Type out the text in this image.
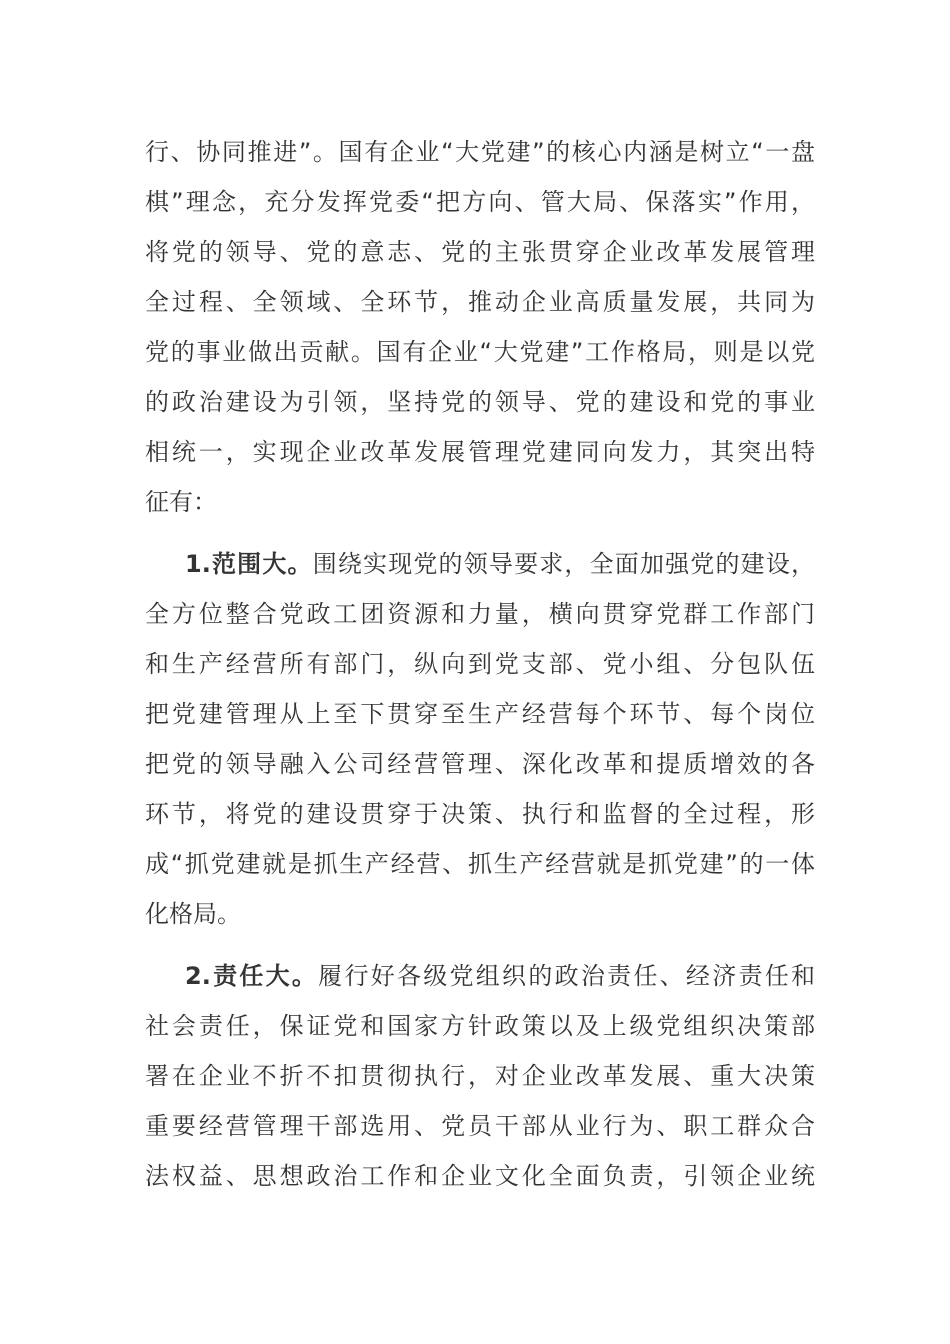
行、协同推进”。国有企业“大党建”的核心内涵是树立“一盘
棋”理念，充分发挥党委“把方向、管大局、保落实”作用，
将党的领导、党的意志、党的主张贯穿企业改革发展管理
全过程、全领域、全环节，推动企业高质量发展，共同为
党的事业做出贡献。国有企业“大党建”工作格局，则是以党
的政治建设为引领，坚持党的领导、党的建设和党的事业
相统一，实现企业改革发展管理党建同向发力，其突出特
征有：
1.范围大。围绕实现党的领导要求，全面加强党的建设，
全方位整合党政工团资源和力量，横向贯穿党群工作部门
和生产经营所有部门，纵向到党支部、党小组、分包队伍
把党建管理从上至下贯穿至生产经营每个环节、每个岗位
把党的领导融入公司经营管理、深化改革和提质增效的各
环节，将党的建设贯穿于决策、执行和监督的全过程，形
成“抓党建就是抓生产经营、抓生产经营就是抓党建”的一体
化格局。
2.责任大。履行好各级党组织的政治责任、经济责任和
社会责任，保证党和国家方针政策以及上级党组织决策部
署在企业不折不扣贯彻执行，对企业改革发展、重大决策
重要经营管理干部选用、党员干部从业行为、职工群众合
法权益、思想政治工作和企业文化全面负责，引领企业统
